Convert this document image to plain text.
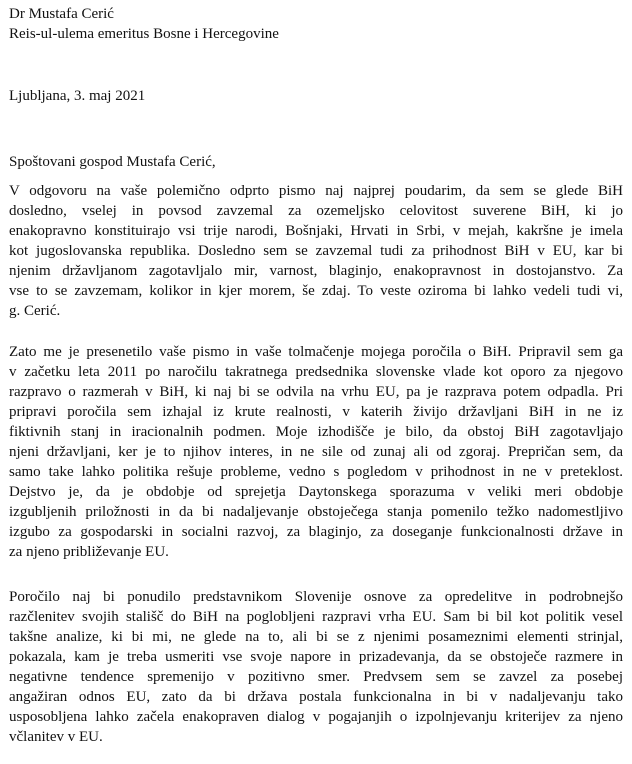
Dr Mustafa Cerić
Reis-ul-ulema emeritus Bosne i Hercegovine
Ljubljana, 3. maj 2021
Spoštovani gospod Mustafa Cerić,
V odgovoru na vaše polemično odprto pismo naj najprej poudarim, da sem se glede BiH
dosledno, vselej in povsod zavzemal za ozemeljsko celovitost suverene BiH, ki jo
enakopravno konstituirajo vsi trije narodi, Bošnjaki, Hrvati in Srbi, v mejah, kakršne je imela
kot jugoslovanska republika. Dosledno sem se zavzemal tudi za prihodnost BiH v EU, kar bi
njenim državljanom zagotavljalo mir, varnost, blaginjo, enakopravnost in dostojanstvo. Za
vse to se zavzemam, kolikor in kjer morem, še zdaj. To veste oziroma bi lahko vedeli tudi vi,
g. Cerić.
Zato me je presenetilo vaše pismo in vaše tolmačenje mojega poročila o BiH. Pripravil sem ga
v začetku leta 2011 po naročilu takratnega predsednika slovenske vlade kot oporo za njegovo
razpravo o razmerah v BiH, ki naj bi se odvila na vrhu EU, pa je razprava potem odpadla. Pri
pripravi poročila sem izhajal iz krute realnosti, v katerih živijo državljani BiH in ne iz
fiktivnih stanj in iracionalnih podmen. Moje izhodišče je bilo, da obstoj BiH zagotavljajo
njeni državljani, ker je to njihov interes, in ne sile od zunaj ali od zgoraj. Prepričan sem, da
samo take lahko politika rešuje probleme, vedno s pogledom v prihodnost in ne v preteklost.
Dejstvo je, da je obdobje od sprejetja Daytonskega sporazuma v veliki meri obdobje
izgubljenih priložnosti in da bi nadaljevanje obstoječega stanja pomenilo težko nadomestljivo
izgubo za gospodarski in socialni razvoj, za blaginjo, za doseganje funkcionalnosti države in
za njeno približevanje EU.
Poročilo naj bi ponudilo predstavnikom Slovenije osnove za opredelitve in podrobnejšo
razčlenitev svojih stališč do BiH na poglobljeni razpravi vrha EU. Sam bi bil kot politik vesel
takšne analize, ki bi mi, ne glede na to, ali bi se z njenimi posameznimi elementi strinjal,
pokazala, kam je treba usmeriti vse svoje napore in prizadevanja, da se obstoječe razmere in
negativne tendence spremenijo v pozitivno smer. Predvsem sem se zavzel za posebej
angažiran odnos EU, zato da bi država postala funkcionalna in bi v nadaljevanju tako
usposobljena lahko začela enakopraven dialog v pogajanjih o izpolnjevanju kriterijev za njeno
včlanitev v EU.
